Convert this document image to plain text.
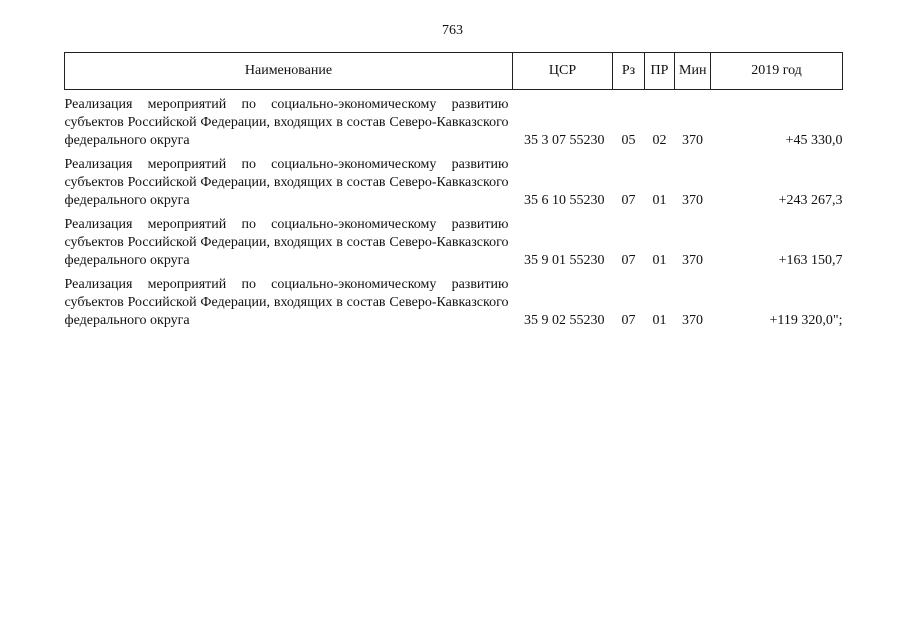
763
Наименование	ЦСР	Рз	ПР	Мин	2019 год

Реализация мероприятий по социально-экономическому развитию субъектов Российской Федерации, входящих в состав Северо-Кавказского федерального округа	35 3 07 55230	05	02	370	+45 330,0
Реализация мероприятий по социально-экономическому развитию субъектов Российской Федерации, входящих в состав Северо-Кавказского федерального округа	35 6 10 55230	07	01	370	+243 267,3
Реализация мероприятий по социально-экономическому развитию субъектов Российской Федерации, входящих в состав Северо-Кавказского федерального округа	35 9 01 55230	07	01	370	+163 150,7
Реализация мероприятий по социально-экономическому развитию субъектов Российской Федерации, входящих в состав Северо-Кавказского федерального округа	35 9 02 55230	07	01	370	+119 320,0";
